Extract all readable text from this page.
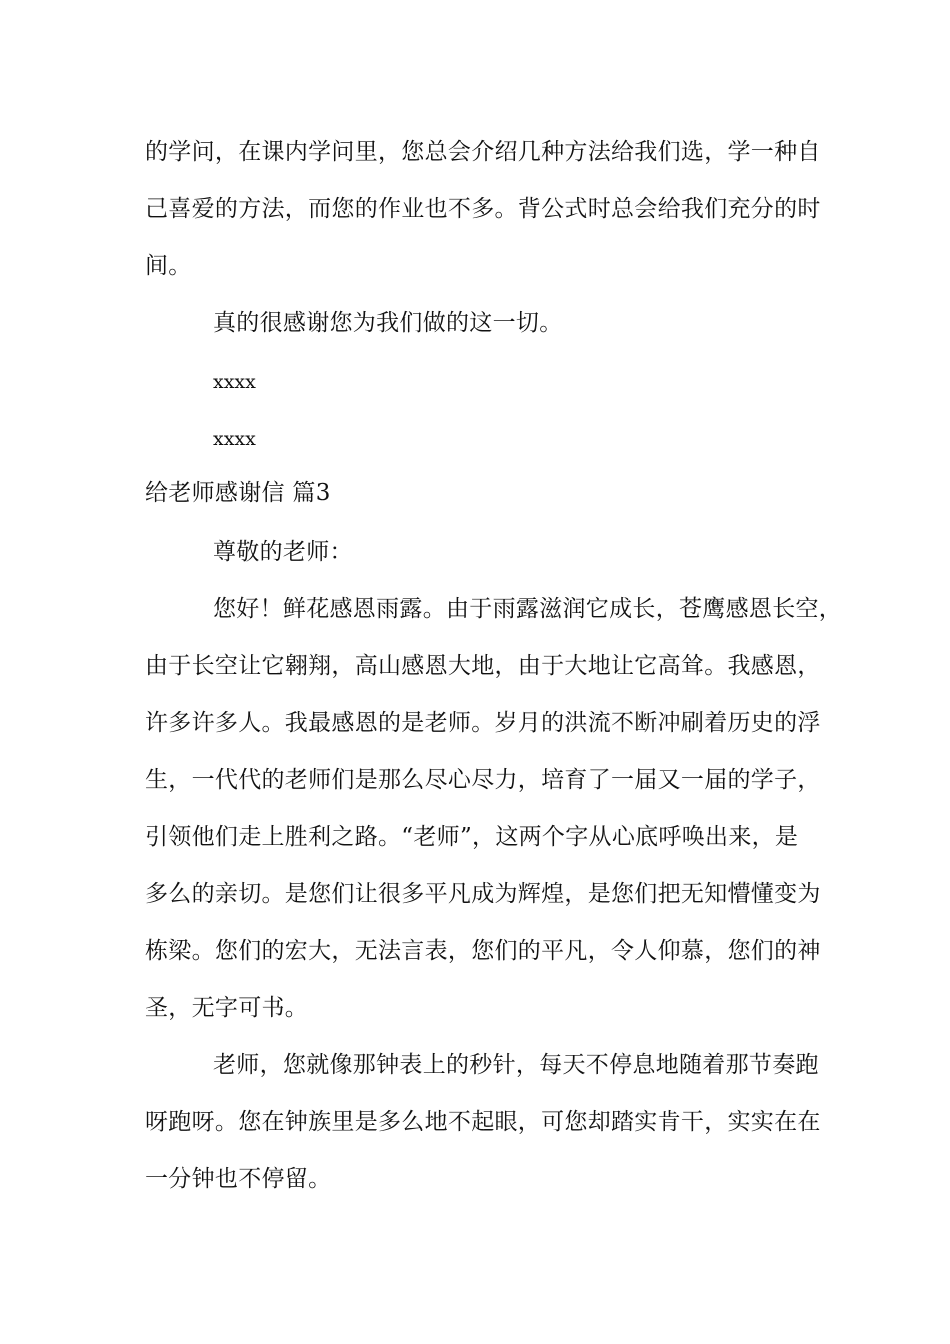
的学问，在课内学问里，您总会介绍几种方法给我们选，学一种自
己喜爱的方法，而您的作业也不多。背公式时总会给我们充分的时
间。
真的很感谢您为我们做的这一切。
xxxx
xxxx
给老师感谢信 篇3
尊敬的老师：
您好！鲜花感恩雨露。由于雨露滋润它成长，苍鹰感恩长空，
由于长空让它翱翔，高山感恩大地，由于大地让它高耸。我感恩，
许多许多人。我最感恩的是老师。岁月的洪流不断冲刷着历史的浮
生，一代代的老师们是那么尽心尽力，培育了一届又一届的学子，
引领他们走上胜利之路。“老师”，这两个字从心底呼唤出来，是
多么的亲切。是您们让很多平凡成为辉煌，是您们把无知懵懂变为
栋梁。您们的宏大，无法言表，您们的平凡，令人仰慕，您们的神
圣，无字可书。
老师，您就像那钟表上的秒针，每天不停息地随着那节奏跑
呀跑呀。您在钟族里是多么地不起眼，可您却踏实肯干，实实在在
一分钟也不停留。
